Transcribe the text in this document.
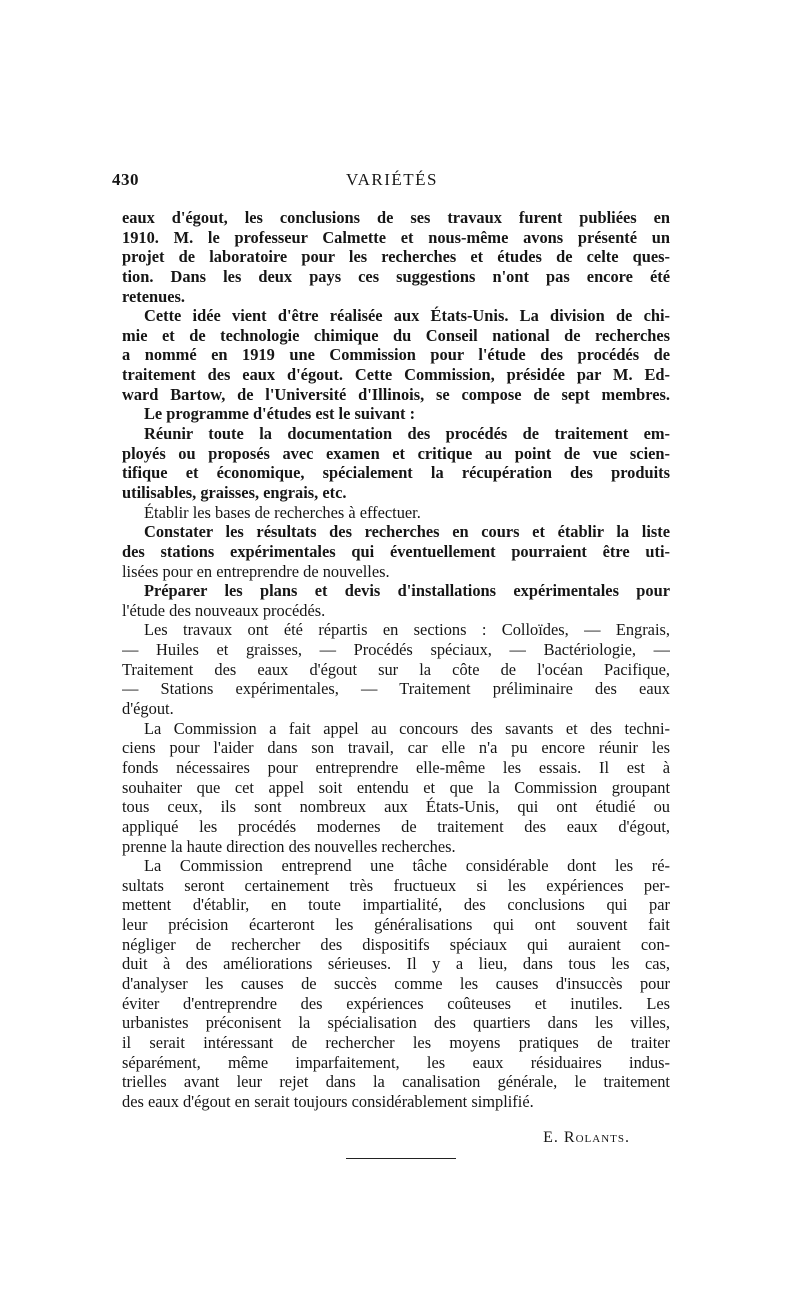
430	VARIÉTÉS
eaux d'égout, les conclusions de ses travaux furent publiées en
1910. M. le professeur Calmette et nous-même avons présenté un
projet de laboratoire pour les recherches et études de celte ques-
tion. Dans les deux pays ces suggestions n'ont pas encore été
retenues.
Cette idée vient d'être réalisée aux États-Unis. La division de chi-
mie et de technologie chimique du Conseil national de recherches
a nommé en 1919 une Commission pour l'étude des procédés de
traitement des eaux d'égout. Cette Commission, présidée par M. Ed-
ward Bartow, de l'Université d'Illinois, se compose de sept membres.
Le programme d'études est le suivant :
Réunir toute la documentation des procédés de traitement em-
ployés ou proposés avec examen et critique au point de vue scien-
tifique et économique, spécialement la récupération des produits
utilisables, graisses, engrais, etc.
Établir les bases de recherches à effectuer.
Constater les résultats des recherches en cours et établir la liste
des stations expérimentales qui éventuellement pourraient être uti-
lisées pour en entreprendre de nouvelles.
Préparer les plans et devis d'installations expérimentales pour
l'étude des nouveaux procédés.
Les travaux ont été répartis en sections : Colloïdes, — Engrais,
— Huiles et graisses, — Procédés spéciaux, — Bactériologie, —
Traitement des eaux d'égout sur la côte de l'océan Pacifique,
— Stations expérimentales, — Traitement préliminaire des eaux
d'égout.
La Commission a fait appel au concours des savants et des techni-
ciens pour l'aider dans son travail, car elle n'a pu encore réunir les
fonds nécessaires pour entreprendre elle-même les essais. Il est à
souhaiter que cet appel soit entendu et que la Commission groupant
tous ceux, ils sont nombreux aux États-Unis, qui ont étudié ou
appliqué les procédés modernes de traitement des eaux d'égout,
prenne la haute direction des nouvelles recherches.
La Commission entreprend une tâche considérable dont les ré-
sultats seront certainement très fructueux si les expériences per-
mettent d'établir, en toute impartialité, des conclusions qui par
leur précision écarteront les généralisations qui ont souvent fait
négliger de rechercher des dispositifs spéciaux qui auraient con-
duit à des améliorations sérieuses. Il y a lieu, dans tous les cas,
d'analyser les causes de succès comme les causes d'insuccès pour
éviter d'entreprendre des expériences coûteuses et inutiles. Les
urbanistes préconisent la spécialisation des quartiers dans les villes,
il serait intéressant de rechercher les moyens pratiques de traiter
séparément, même imparfaitement, les eaux résiduaires indus-
trielles avant leur rejet dans la canalisation générale, le traitement
des eaux d'égout en serait toujours considérablement simplifié.
E. Rolants.
